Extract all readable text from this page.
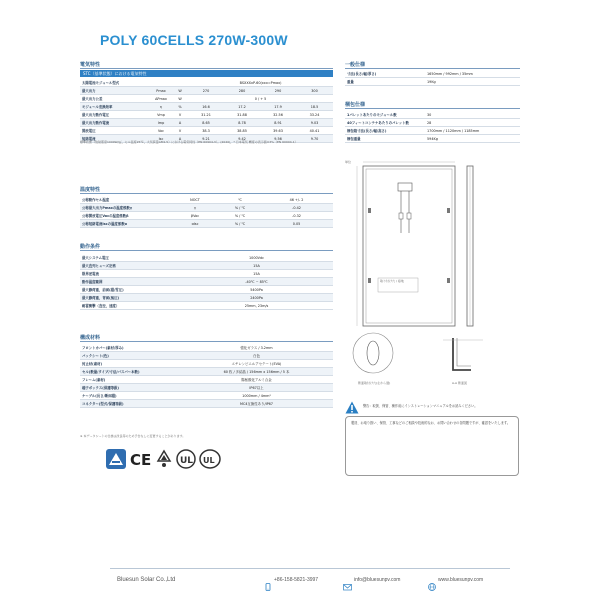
POLY 60CELLS 270W-300W
電気特性
STC（基準状態）における電気特性
太陽電池モジュール型式			BSXXXxP-60(xxx=Pmax)			
最大出力	Pmax	W	270	280	290	300
最大出力公差	ΔPmax	W	0 / + 5			
モジュール変換効率	η	%	16.6	17.2	17.9	18.5
最大出力動作電圧	Vmp	V	31.21	31.88	32.56	33.24
最大出力動作電流	Imp	A	8.65	8.78	8.91	9.03
開放電圧	Voc	V	38.3	38.85	39.63	40.41
短絡電流	Isc	A	9.21	9.42	9.56	9.70
標準状態（放射照度1000W/㎡，セル温度25℃，大気質量AM1.5）における電気特性（EN 60904-3）。(2020)，* 日本電気 精度の表示値±3%（EN 60904-1）
温度特性
公称動作セル温度	NOCT	℃	46 +/- 2
公称最大出力Pmaxの温度係数γ	γ	% / ℃	-0.42
公称開放電圧Vocの温度係数β	βVoc	% / ℃	-0.32
公称短絡電流Iscの温度係数α	αIsc	% / ℃	0.05
動作条件
最大システム電圧	1000Vdc
最大直列ヒューズ定格	15A
限界逆電流	15A
動作温度範囲	-40℃ ~ 85℃
最大静荷重，前面(積/雪圧)	5400Pa
最大静荷重，背面(風圧)	2400Pa
耐雹衝撃（直径，速度）	25mm, 23m/s
構成材料
フロントカバー(素材/厚み)	強化ガラス / 3.2mm
バックシート(色)	白色
封止材(素材)	エチレンビニルアセテート(EVA)
セル(数量/タイプ/寸法/バスバー本数)	60 枚 / 多結晶 / 156mm x 156mm / 5 本
フレーム(素材)	陽極酸化アルミ合金
端子ボックス(保護等級)	IP67以上
ケーブル(長さ/断面積)	1000mm / 4mm²
コネクター(型式/保護等級)	MC4互換性あり/IP67
※ 本データシートの仕様は改良等のため予告なしに変更することがあります。
CE	UL UL
一般仕様
寸法(長さ/幅/厚さ)	1650mm / 992mm / 35mm
重量	19Kg
梱包仕様
1パレットあたりのモジュール数	30
40フィートコンテナあたりのパレット数	28
梱包箱寸法(長さ/幅/高さ)	1700mm / 1120mm / 1185mm
梱包重量	594Kg
単位
取り付け穴 / 接地
断面取付け穴(左から通)	A-A 断面図
警告：取扱、保管、操作前にインストレーションマニュアルをお読みください。
製造、お取り扱い、保管、工事などのご相談や技術的なお、お問い合わせの各問題ですが、確認をいたします。
Bluesun Solar Co.,Ltd	+86-158-5821-3997	info@bluesunpv.com	www.bluesunpv.com
